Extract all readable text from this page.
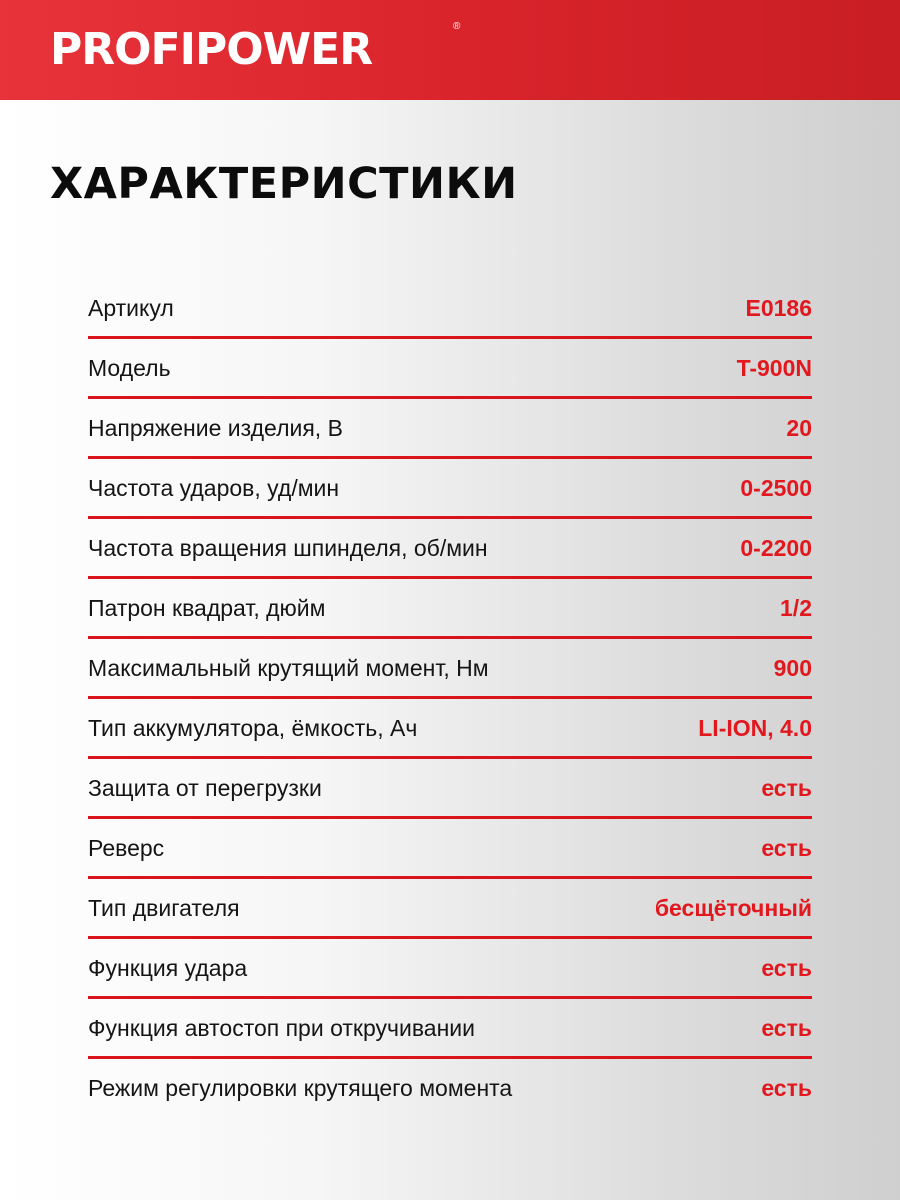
PROFIPOWER	®
ХАРАКТЕРИСТИКИ
Артикул	E0186
Модель	T-900N
Напряжение изделия, В	20
Частота ударов, уд/мин	0-2500
Частота вращения шпинделя, об/мин	0-2200
Патрон квадрат, дюйм	1/2
Максимальный крутящий момент, Нм	900
Тип аккумулятора, ёмкость, Ач	LI-ION, 4.0
Защита от перегрузки	есть
Реверс	есть
Тип двигателя	бесщёточный
Функция удара	есть
Функция автостоп при откручивании	есть
Режим регулировки крутящего момента	есть
